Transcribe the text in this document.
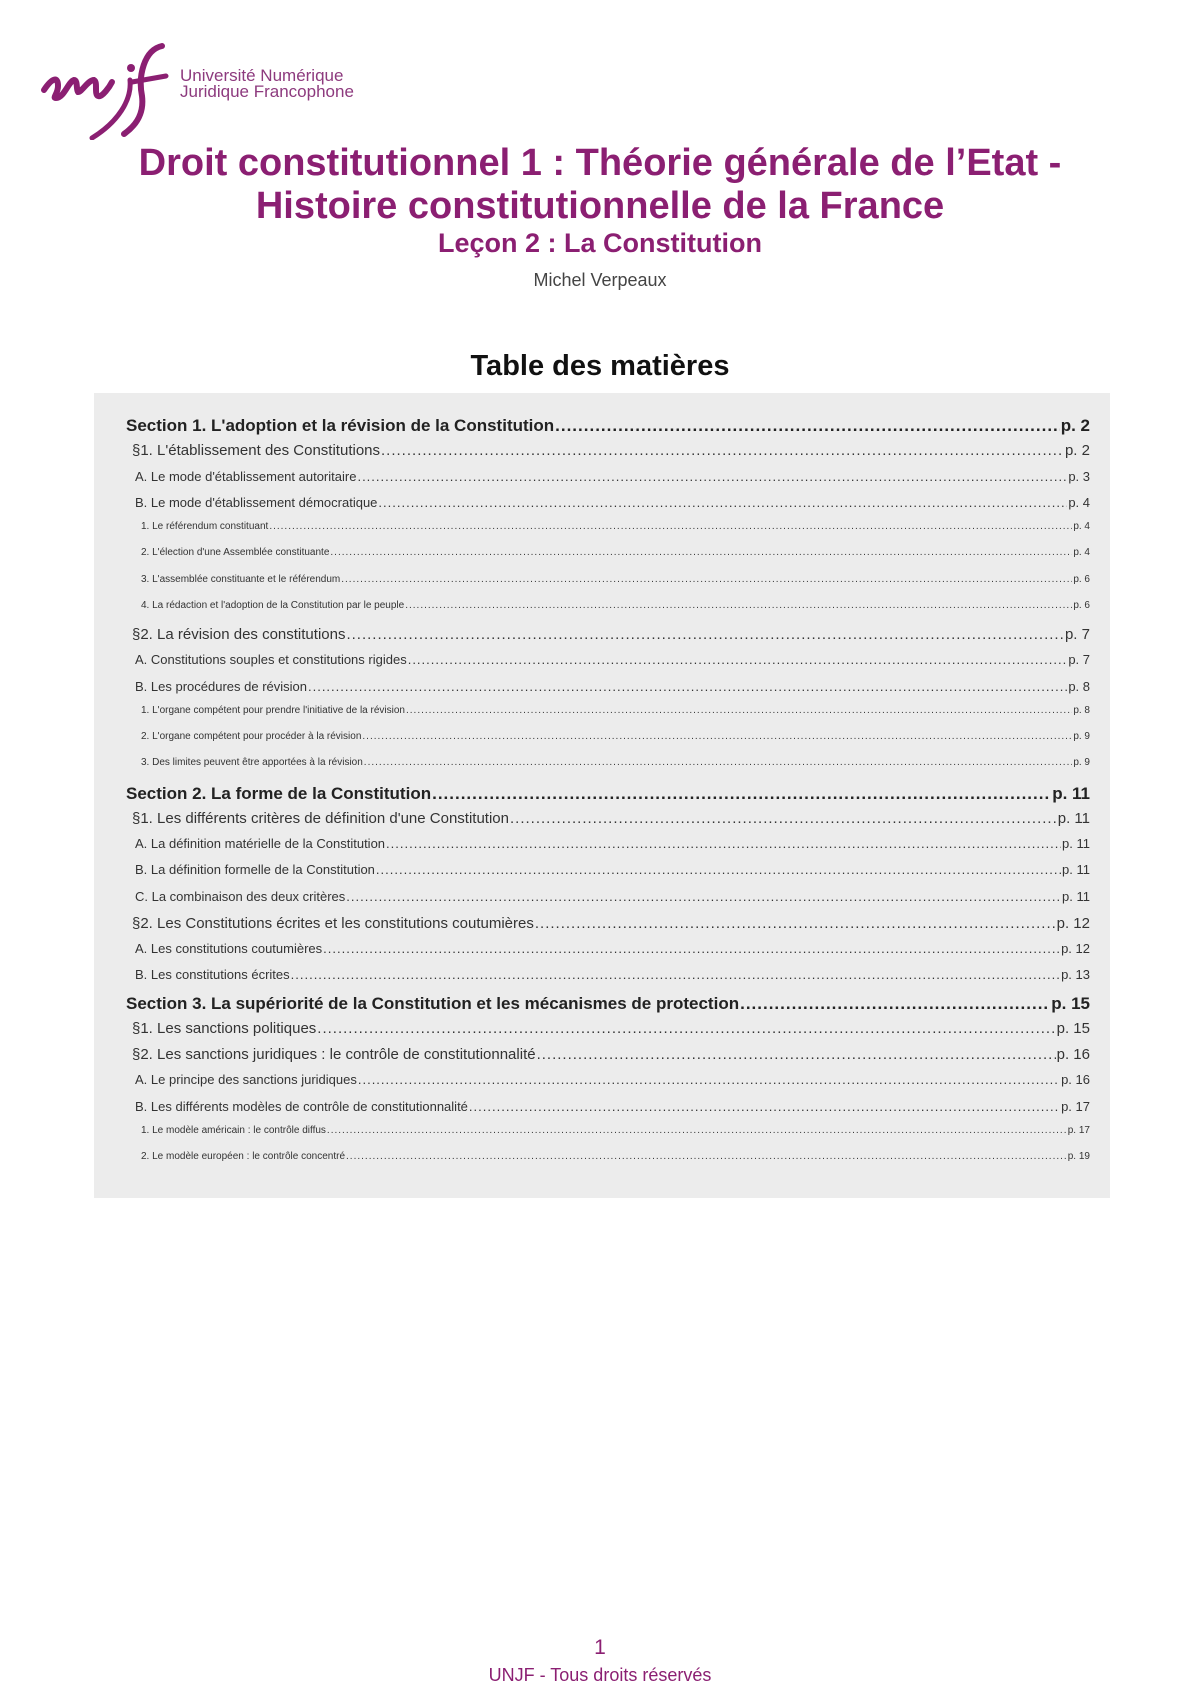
Université Numérique
Juridique Francophone
Droit constitutionnel 1 : Théorie générale de l’Etat - Histoire constitutionnelle de la France
Leçon 2 : La Constitution
Michel Verpeaux
Table des matières
Section 1. L'adoption et la révision de la Constitution .....	p. 2
§1. L'établissement des Constitutions .....	p. 2
A. Le mode d'établissement autoritaire .....	p. 3
B. Le mode d'établissement démocratique .....	p. 4
1. Le référendum constituant .....	p. 4
2. L'élection d'une Assemblée constituante .....	p. 4
3. L'assemblée constituante et le référendum .....	p. 6
4. La rédaction et l'adoption de la Constitution par le peuple .....	p. 6
§2. La révision des constitutions .....	p. 7
A. Constitutions souples et constitutions rigides .....	p. 7
B. Les procédures de révision .....	p. 8
1. L'organe compétent pour prendre l'initiative de la révision .....	p. 8
2. L'organe compétent pour procéder à la révision .....	p. 9
3. Des limites peuvent être apportées à la révision .....	p. 9
Section 2. La forme de la Constitution .....	p. 11
§1. Les différents critères de définition d'une Constitution .....	p. 11
A. La définition matérielle de la Constitution .....	p. 11
B. La définition formelle de la Constitution .....	p. 11
C. La combinaison des deux critères .....	p. 11
§2. Les Constitutions écrites et les constitutions coutumières .....	p. 12
A. Les constitutions coutumières .....	p. 12
B. Les constitutions écrites .....	p. 13
Section 3. La supériorité de la Constitution et les mécanismes de protection .....	p. 15
§1. Les sanctions politiques .....	p. 15
§2. Les sanctions juridiques : le contrôle de constitutionnalité .....	p. 16
A. Le principe des sanctions juridiques .....	p. 16
B. Les différents modèles de contrôle de constitutionnalité .....	p. 17
1. Le modèle américain : le contrôle diffus .....	p. 17
2. Le modèle européen : le contrôle concentré .....	p. 19
1
UNJF - Tous droits réservés
